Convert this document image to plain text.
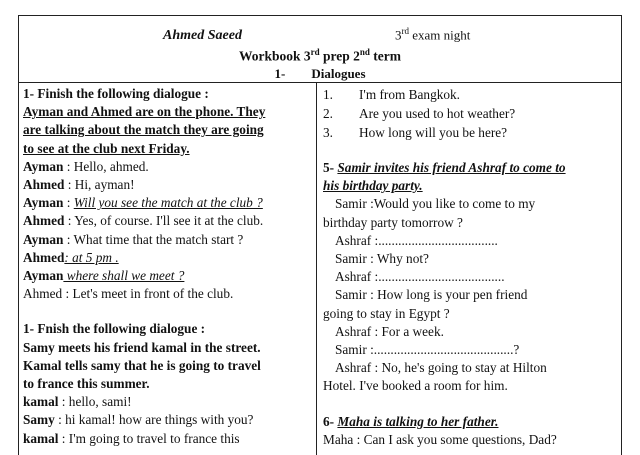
Ahmed Saeed	3rd exam night
Workbook 3rd prep 2nd term
1- Dialogues
1- Finish the following dialogue :
Ayman and Ahmed are on the phone. They
are talking about the match they are going
to see at the club next Friday.
Ayman : Hello, ahmed.
Ahmed : Hi, ayman!
Ayman : Will you see the match at the club ?
Ahmed : Yes, of course. I'll see it at the club.
Ayman : What time that the match start ?
Ahmed: at 5 pm .
Ayman where shall we meet ?
Ahmed : Let's meet in front of the club.
1- Fnish the following dialogue :
Samy meets his friend kamal in the street.
Kamal tells samy that he is going to travel
to france this summer.
kamal : hello, sami!
Samy : hi kamal! how are things with you?
kamal : I'm going to travel to france this
1.	I'm from Bangkok.
2.	Are you used to hot weather?
3.	How long will you be here?
5- Samir invites his friend Ashraf to come to
his birthday party.
Samir :Would you like to come to my
birthday party tomorrow ?
Ashraf :....................................
Samir : Why not?
Ashraf :......................................
Samir : How long is your pen friend
going to stay in Egypt ?
Ashraf : For a week.
Samir :..........................................?
Ashraf : No, he's going to stay at Hilton
Hotel. I've booked a room for him.
6- Maha is talking to her father.
Maha : Can I ask you some questions, Dad?
